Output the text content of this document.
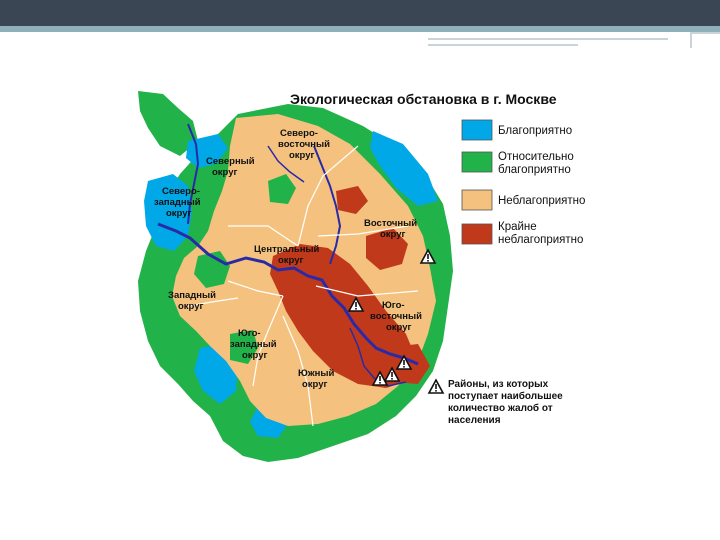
Экологическая обстановка в г. Москве
Северо- восточный округ
Северный округ
Северо- западный округ
Восточный округ
Центральный округ
Западный округ	Юго- восточный округ
Юго- западный округ
Южный округ
Благоприятно
Относительно благоприятно
Неблагоприятно
Крайне неблагоприятно
Районы, из которых поступает наибольшее количество жалоб от населения
